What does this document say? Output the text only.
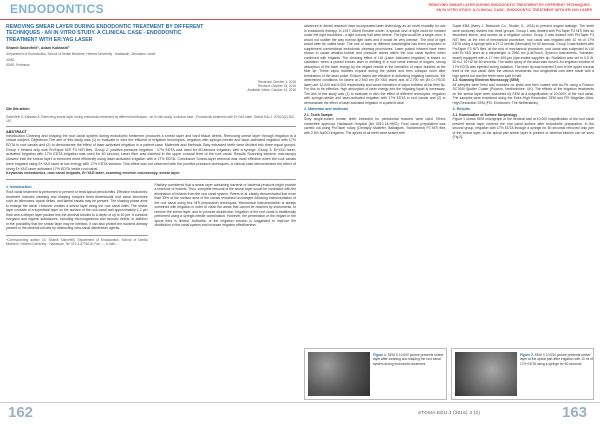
ENDODONTICS	REMOVING SMEAR LAYER DURING ENDODONTIC TREATMENT BY DIFFERENT TECHNIQUES -
AN IN VITRO STUDY. A CLINICAL CASE - ENDODONTIC TREATMENT WITH ER:YAG LASER
REMOVING SMEAR LAYER DURING ENDODONTIC TREATMENT BY DIFFERENT TECHNIQUES - AN IN VITRO STUDY. A CLINICAL CASE - ENDODONTIC TREATMENT WITH ER:YAG LASER
Shamit Sabevfelli¹, Adam Kaldashi²
¹Department of Endodontics, School of Dental Medicine, Hebrew University - Hadassah, Jerusalem, Israel
¹DMD
²DMD, Professor
Received: October 1, 2016
Revised: October 15, 2016
Available online: October 10, 2016
Cite this article:
Sabevfelli S, Kaldashi A. Removing smear layer during endodontic treatment by different techniques - an in vitro study. A clinical case - Endodontic treatment with Er:YAG laser. Stoma Edu J. 2016;3(2):162-167.
ABSTRACT
Introduction Cleaning and shaping the root canal system during endodontic treatment produces a smear layer and hard tissue debris. Removing smear layer through irrigation is a critical subject. Objectives The aim of this study was (1) to evaluate in vitro the efficient of irrigation techniques, irrigation with syringe-needle and laser-activated irrigation with 17% EDTA in root canals and (2) to demonstrate the effect of laser-activated irrigation in a patient case. Materials and Methods Sixty extracted teeth were divided into three equal groups: Group 1 treated only with ProTaper NiTi F3 NiTi files. Group 2: positive-pressure irrigation - 17% EDTA was used for 60-second irrigation, with a syringe. Group 3: Er:YAG laser-activated irrigation with 17% EDTA irrigation was used for 60 second, Laser fiber was inserted in the upper coronal third of the root canal. Results Scanning electron microscopy showed that the smear layer is removed most efficiently using laser-activated irrigation with a 17% EDTA. Conclusion Smear-layer removal was most effective when the root canals were irrigated using Er:YAG laser at low energy with 17% EDTA solution. This effect was not observed with the positive-pressure techniques. A clinical case demonstrates the effect of using Er:YAG laser activated 17% EDTA inside root canal.
Keywords endodontics, root canal irrigants, Er:YAG laser, scanning electron microscopy, smear layer.
1. Introduction
Root canal treatment is performed to prevent or treat apical periodontitis. Effective endodontic treatment includes cleaning and shaping complex three-dimensional root canal structures such as isthmuses, apical deltas, and lateral canals may be present. The shaping phase aims to enlarge the canal. However creates a smear layer along the root canal walls. The smear layer consists of a superficial layer on the surface of the root canal wall approximately 1-2 µm thick and a deeper layer packed into the dentinal tubules to a depth of up to 40 µm. It contains inorganic and organic substances, including microorganisms and necrotic debris. In addition to the possibility that the smear layer may be infected, it can also protect the bacteria already present in the dentinal tubules by obstructing intra-canal disinfection agents.
*Corresponding author: Dr. Shamit Sabevfelli, Department of Endodontics, School of Dental Medicine, Hebrew University - Hadassah, Tel: 972-2-6776016, Fax: ..., e-mail: ...
Pashley considered that a smear layer containing bacteria or bacterial products might provide a reservoir of irritants. Thus, complete removal of the smear layer would be consistent with the elimination of irritants from the root canal system. Peters et al. clearly demonstrated that more than 35% of the surface area of the canals remained unchanged following instrumentation of the root canal using four NiTi preparation techniques. Mechanical instrumentation is always combined with irrigation in order to clean the areas that cannot be reached by instruments, to remove the smear layer, and to promote disinfection. Irrigation of the root canal is traditionally performed using a syringe-needle combination. However, the penetration of the irrigant in the apical third is limited. Activation of the irrigation solution is suggested to improve the distribution in the canal system and increase irrigation effectiveness.
advances in dental research have incorporated laser technology as an novel modality for use in endodontic therapy. In 1917, Albert Einstein wrote: 'a special kind of light could be created under the right conditions - a light nobody had seen before. The light would be a single color, it would not scatter the way normal light does and it would be very intense'. The kind of light would later be called laser. The use of laser at different wavelengths has been proposed to supplement conventional endodontic cleaning procedures. Laser pulsed infrared have been shown to cause ablation-bubble and pressure waves within the root canal system when combined with irrigants. The cleaning effect of LAI (Laser Activated Irrigation) is based on cavitation: when a pulsed erbium laser is emitting in a root canal instead of irrigant, strong absorption of the laser energy by the irrigant results in the formation of vapor bubbles at the fiber tip. These vapor bubbles expand during the pulses and then collapse soon after termination of the laser pulse. Erbium lasers are effective in activating irrigating solutions. We determined conditions for lasers at 2,940 nm (Er:YAG laser) and at 2,790 nm (Er,Cr:YSGG laser) are 12,000 and 6,000 respectively and cause formation of vapor bubbles at the fiber tip. For this to be effective, high absorption of laser energy into the irrigating liquid is necessary. The aim of this study was (1) to evaluate in vitro the effect of different techniques, irrigation with syringe-needle and laser-activated irrigation with 17% EDTA in root canals and (2) to demonstrate the effect of laser activated irrigation in a patient case.
2. Materials and methods
2.1. Tooth Sample
Sixty single-rooted human teeth extracted for periodontal reasons were used. Ethics committee approval, Hadassah Hospital (No 0510-14-HMO). Root canal preparation was carried out using ProTaper rotary (Dentsply Maillefer, Ballaigues, Switzerland) F3 NiTi files with 2.5% NaOCl irrigation. The apices of all teeth were sealed with
Super-EBA (Harry J. Bosworth Co., Skokie, IL, USA) to prevent irrigant leakage. The teeth were randomly divided into three groups. Group 1 was treated with ProTaper F3 NiTi files as described above, and served as a negative control. Group 2 was treated with ProTaper F3 NiTi files, at the end of mechanical procedure, root canal was irrigated with 10 ml of 17% EDTA using a syringe with a 27-G needle (Monoject) for 60 seconds. Group 3 was treated with ProTaper F3 NiTi files, at the end of mechanical procedure, root canal was subjected to LAI with Er:YAG laser at a wavelength of 2940 nm (LiteTouch, Syneron Instruments, Yokneam, Israel) equipped with a 17 mm 400-µm pipe-ended sapphire tip. Radiation was set to 0.5 W, 50 mJ, 10 HZ for 60 seconds. The water spray of the laser was closed. An irrigation solution of 17% EDTA was injected during radiation. The laser tip was inserted 3 mm in the upper coronal third of the root canal. After the various treatments, two longitudinal cuts were made with a high speed bur and the teeth were split in half.
2.2. Scanning Electron Microscopy (SEM)
All samples were fixed and mounted on stubs and then coated with Au-Pd using a Polaron SC7640 Sputter Coater (Polaron, Hertfordshire, UK). The effects of the irrigation treatments on the smear layer were examined by SEM at a magnification of 10,000X of the root canal. The samples were examined using the Extra High Resolution SEM and FEI Magellan Ultra-High Resolution SEM (FEI, Eindhoven, The Netherlands).
3. Results
3.1. Examination of Surface Morphology
Figure 1 shows SEM micrograph of the dentinal wall at 10,000 magnification of the root canal present smear layer covered the root canal surface after endodontic preparation. In the second group, irrigation with 17% EDTA through a syringe for 60 seconds removed only part of the smear layer, at the apical part smear layer is present or dentinal tubules can be seen (Fig.2).
Figure 1. SEM X 10,000 picture presents smear layer after cleaning and shaping the root canal system during endodontic treatment
Figure 2. SEM X 10,000 picture presents smear layer at the apical part after irrigation with 10 ml of 17% EDTA using a syringe for 60 seconds
162	STOMA.EDU.J (2016) 3 (2)	163
